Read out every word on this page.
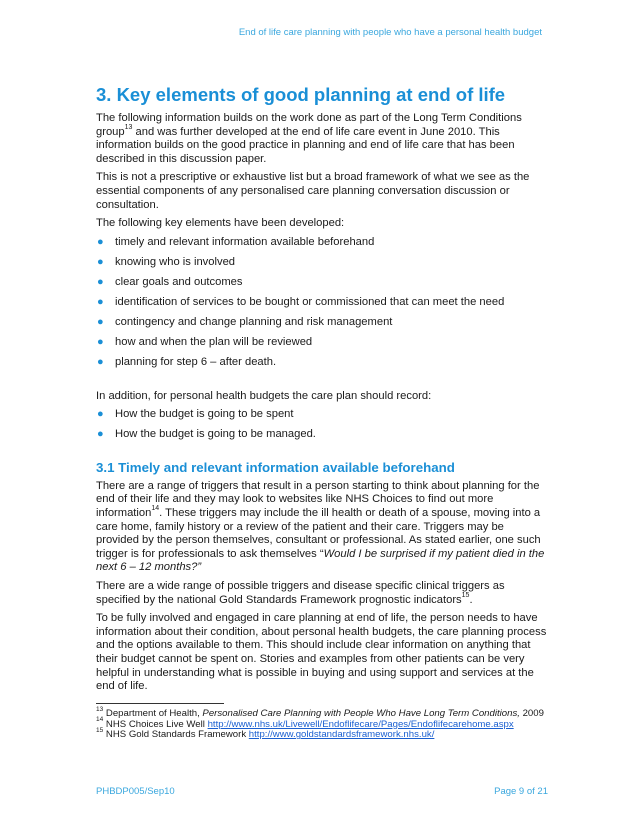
End of life care planning with people who have a personal health budget
3. Key elements of good planning at end of life

The following information builds on the work done as part of the Long Term Conditions group$^{13}$ and was further developed at the end of life care event in June 2010. This information builds on the good practice in planning and end of life care that has been described in this discussion paper.

This is not a prescriptive or exhaustive list but a broad framework of what we see as the essential components of any personalised care planning conversation discussion or consultation.

The following key elements have been developed:

● timely and relevant information available beforehand
● knowing who is involved
● clear goals and outcomes
● identification of services to be bought or commissioned that can meet the need
● contingency and change planning and risk management
● how and when the plan will be reviewed
● planning for step 6 – after death.

In addition, for personal health budgets the care plan should record:

● How the budget is going to be spent
● How the budget is going to be managed.
3.1 Timely and relevant information available beforehand

There are a range of triggers that result in a person starting to think about planning for the end of their life and they may look to websites like NHS Choices to find out more information$^{14}$. These triggers may include the ill health or death of a spouse, moving into a care home, family history or a review of the patient and their care. Triggers may be provided by the person themselves, consultant or professional. As stated earlier, one such trigger is for professionals to ask themselves “Would I be surprised if my patient died in the next 6 – 12 months?”

There are a wide range of possible triggers and disease specific clinical triggers as specified by the national Gold Standards Framework prognostic indicators$^{15}$.

To be fully involved and engaged in care planning at end of life, the person needs to have information about their condition, about personal health budgets, the care planning process and the options available to them. This should include clear information on anything that their budget cannot be spent on. Stories and examples from other patients can be very helpful in understanding what is possible in buying and using support and services at the end of life.

$^{13}$ Department of Health, Personalised Care Planning with People Who Have Long Term Conditions, 2009
$^{14}$ NHS Choices Live Well http://www.nhs.uk/Livewell/Endoflifecare/Pages/Endoflifecarehome.aspx
$^{15}$ NHS Gold Standards Framework http://www.goldstandardsframework.nhs.uk/
PHBDP005/Sep10	Page 9 of 21
